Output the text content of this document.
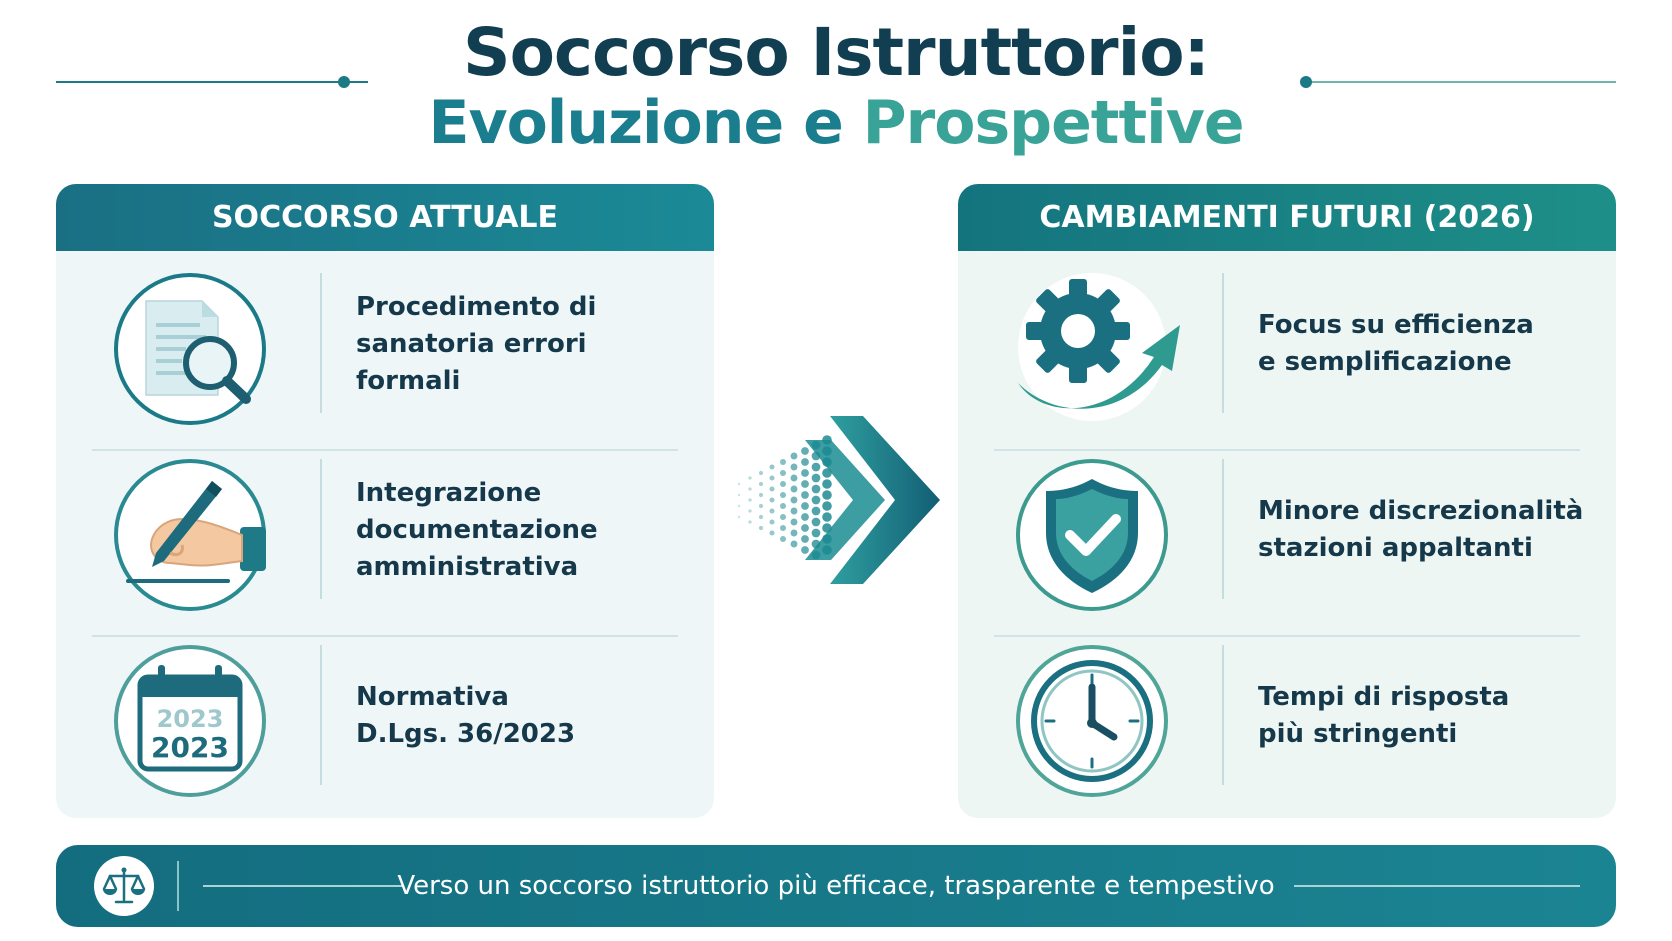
Soccorso Istruttorio:
Evoluzione e Prospettive
SOCCORSO ATTUALE
Procedimento di
sanatoria errori formali
Integrazione
documentazione
amministrativa
2023
2023
Normativa
D.Lgs. 36/2023
CAMBIAMENTI FUTURI (2026)
Focus su efficienza
e semplificazione
Minore discrezionalità
stazioni appaltanti
Tempi di risposta
più stringenti
Verso un soccorso istruttorio più efficace, trasparente e tempestivo
